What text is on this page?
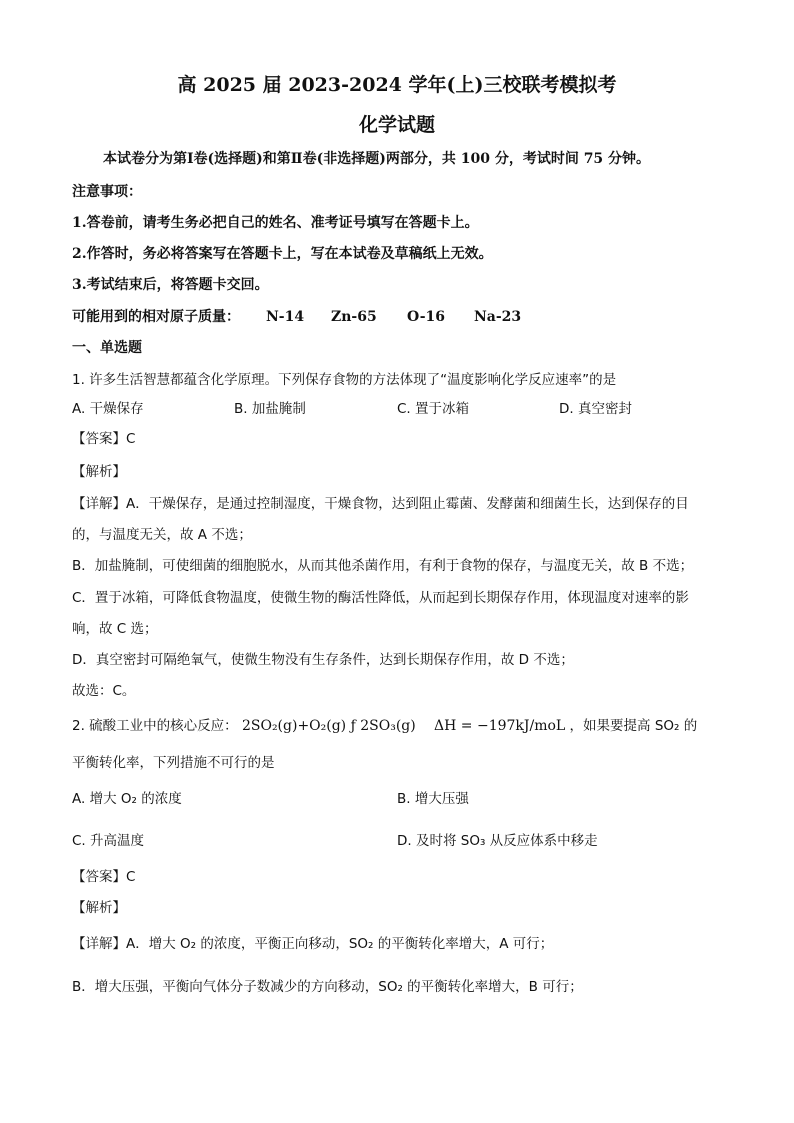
高 2025 届 2023-2024 学年(上)三校联考模拟考
化学试题
本试卷分为第Ⅰ卷(选择题)和第Ⅱ卷(非选择题)两部分，共 100 分，考试时间 75 分钟。
注意事项：
1.答卷前，请考生务必把自己的姓名、准考证号填写在答题卡上。
2.作答时，务必将答案写在答题卡上，写在本试卷及草稿纸上无效。
3.考试结束后，将答题卡交回。
可能用到的相对原子质量： N-14 Zn-65 O-16 Na-23
一、单选题
1. 许多生活智慧都蕴含化学原理。下列保存食物的方法体现了“温度影响化学反应速率”的是
A. 干燥保存	B. 加盐腌制	C. 置于冰箱	D. 真空密封
【答案】C
【解析】
【详解】A．干燥保存，是通过控制湿度，干燥食物，达到阻止霉菌、发酵菌和细菌生长，达到保存的目
的，与温度无关，故 A 不选；
B．加盐腌制，可使细菌的细胞脱水，从而其他杀菌作用，有利于食物的保存，与温度无关，故 B 不选；
C．置于冰箱，可降低食物温度，使微生物的酶活性降低，从而起到长期保存作用，体现温度对速率的影
响，故 C 选；
D．真空密封可隔绝氧气，使微生物没有生存条件，达到长期保存作用，故 D 不选；
故选：C。
2. 硫酸工业中的核心反应： 2SO₂(g)+O₂(g) ƒ 2SO₃(g) ΔH = −197kJ/moL ，如果要提高 SO₂ 的
平衡转化率，下列措施不可行的是
A. 增大 O₂ 的浓度	B. 增大压强
C. 升高温度	D. 及时将 SO₃ 从反应体系中移走
【答案】C
【解析】
【详解】A．增大 O₂ 的浓度，平衡正向移动，SO₂ 的平衡转化率增大，A 可行；
B．增大压强，平衡向气体分子数减少的方向移动，SO₂ 的平衡转化率增大，B 可行；
